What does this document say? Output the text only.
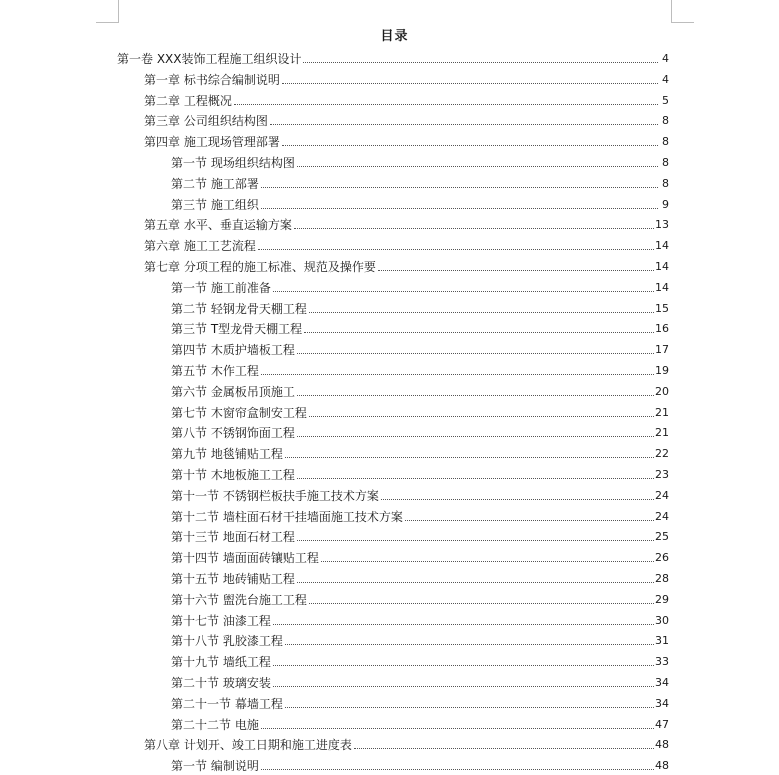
目录
第一卷 XXX装饰工程施工组织设计	4
第一章 标书综合编制说明	4
第二章 工程概况	5
第三章 公司组织结构图	8
第四章 施工现场管理部署	8
第一节 现场组织结构图	8
第二节 施工部署	8
第三节 施工组织	9
第五章 水平、垂直运输方案	13
第六章 施工工艺流程	14
第七章 分项工程的施工标准、规范及操作要	14
第一节 施工前准备	14
第二节 轻钢龙骨天棚工程	15
第三节 T型龙骨天棚工程	16
第四节 木质护墙板工程	17
第五节 木作工程	19
第六节 金属板吊顶施工	20
第七节 木窗帘盒制安工程	21
第八节 不锈钢饰面工程	21
第九节 地毯铺贴工程	22
第十节 木地板施工工程	23
第十一节 不锈钢栏板扶手施工技术方案	24
第十二节 墙柱面石材干挂墙面施工技术方案	24
第十三节 地面石材工程	25
第十四节 墙面面砖镶贴工程	26
第十五节 地砖铺贴工程	28
第十六节 盥洗台施工工程	29
第十七节 油漆工程	30
第十八节 乳胶漆工程	31
第十九节 墙纸工程	33
第二十节 玻璃安装	34
第二十一节 幕墙工程	34
第二十二节 电施	47
第八章 计划开、竣工日期和施工进度表	48
第一节 编制说明	48
